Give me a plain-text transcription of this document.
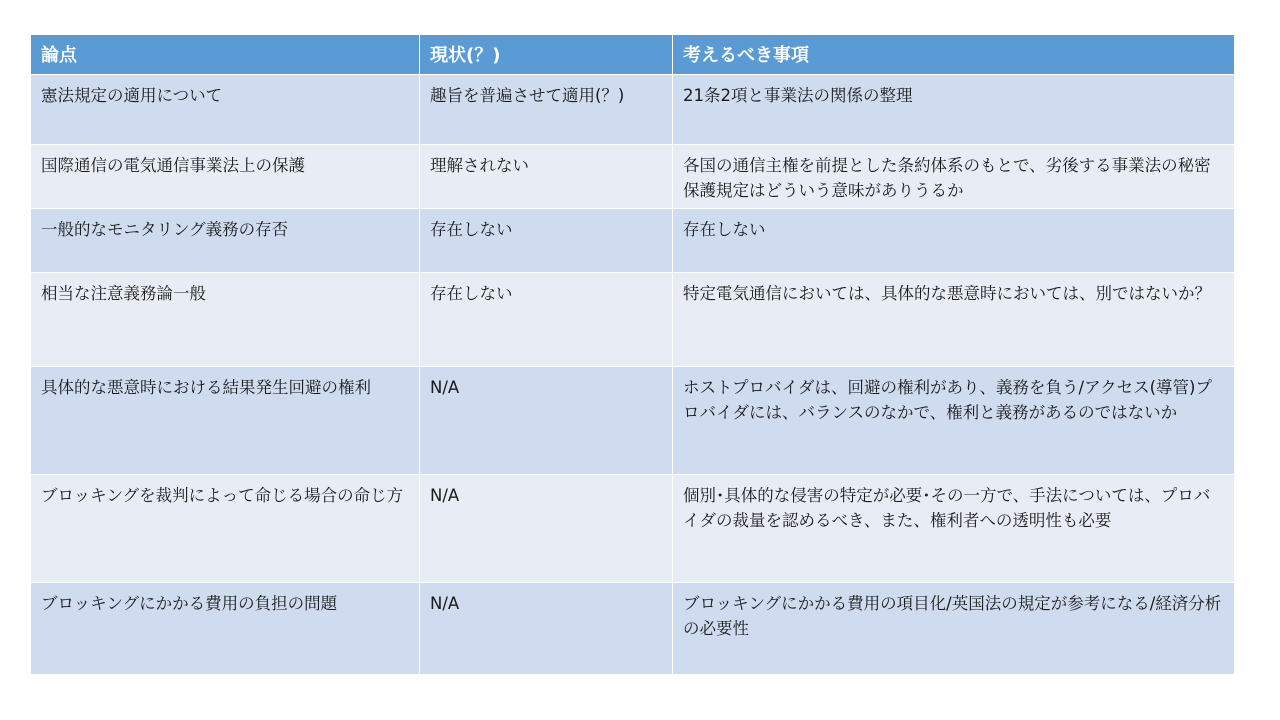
論点	現状(？)	考えるべき事項
憲法規定の適用について	趣旨を普遍させて適用(？)	21条2項と事業法の関係の整理
国際通信の電気通信事業法上の保護	理解されない	各国の通信主権を前提とした条約体系のもとで、劣後する事業法の秘密保護規定はどういう意味がありうるか
一般的なモニタリング義務の存否	存在しない	存在しない
相当な注意義務論一般	存在しない	特定電気通信においては、具体的な悪意時においては、別ではないか？
具体的な悪意時における結果発生回避の権利	N/A	ホストプロバイダは、回避の権利があり、義務を負う/アクセス(導管)プロバイダには、バランスのなかで、権利と義務があるのではないか
ブロッキングを裁判によって命じる場合の命じ方	N/A	個別･具体的な侵害の特定が必要･その一方で、手法については、プロバイダの裁量を認めるべき、また、権利者への透明性も必要
ブロッキングにかかる費用の負担の問題	N/A	ブロッキングにかかる費用の項目化/英国法の規定が参考になる/経済分析の必要性
